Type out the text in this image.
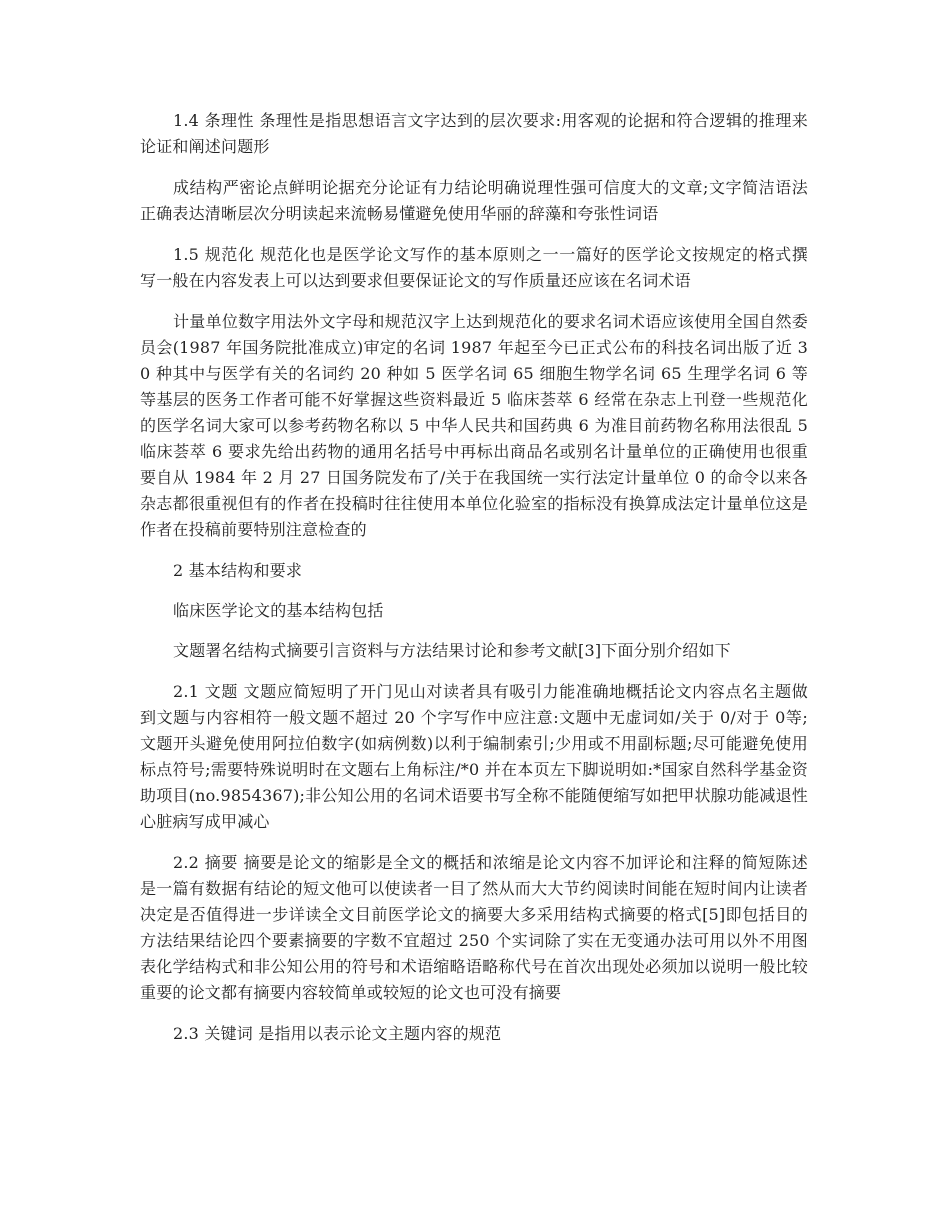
1.4 条理性 条理性是指思想语言文字达到的层次要求:用客观的论据和符合逻辑的推理来论证和阐述问题形

成结构严密论点鲜明论据充分论证有力结论明确说理性强可信度大的文章;文字简洁语法正确表达清晰层次分明读起来流畅易懂避免使用华丽的辞藻和夸张性词语

1.5 规范化 规范化也是医学论文写作的基本原则之一一篇好的医学论文按规定的格式撰写一般在内容发表上可以达到要求但要保证论文的写作质量还应该在名词术语

计量单位数字用法外文字母和规范汉字上达到规范化的要求名词术语应该使用全国自然委员会(1987 年国务院批准成立)审定的名词 1987 年起至今已正式公布的科技名词出版了近 30 种其中与医学有关的名词约 20 种如 5 医学名词 65 细胞生物学名词 65 生理学名词 6 等等基层的医务工作者可能不好掌握这些资料最近 5 临床荟萃 6 经常在杂志上刊登一些规范化的医学名词大家可以参考药物名称以 5 中华人民共和国药典 6 为准目前药物名称用法很乱 5 临床荟萃 6 要求先给出药物的通用名括号中再标出商品名或别名计量单位的正确使用也很重要自从 1984 年 2 月 27 日国务院发布了/关于在我国统一实行法定计量单位 0 的命令以来各杂志都很重视但有的作者在投稿时往往使用本单位化验室的指标没有换算成法定计量单位这是作者在投稿前要特别注意检查的

2 基本结构和要求

临床医学论文的基本结构包括

文题署名结构式摘要引言资料与方法结果讨论和参考文献[3]下面分别介绍如下

2.1 文题 文题应简短明了开门见山对读者具有吸引力能准确地概括论文内容点名主题做到文题与内容相符一般文题不超过 20 个字写作中应注意:文题中无虚词如/关于 0/对于 0等;文题开头避免使用阿拉伯数字(如病例数)以利于编制索引;少用或不用副标题;尽可能避免使用标点符号;需要特殊说明时在文题右上角标注/*0 并在本页左下脚说明如:*国家自然科学基金资助项目(no.9854367);非公知公用的名词术语要书写全称不能随便缩写如把甲状腺功能减退性心脏病写成甲减心

2.2 摘要 摘要是论文的缩影是全文的概括和浓缩是论文内容不加评论和注释的简短陈述是一篇有数据有结论的短文他可以使读者一目了然从而大大节约阅读时间能在短时间内让读者决定是否值得进一步详读全文目前医学论文的摘要大多采用结构式摘要的格式[5]即包括目的方法结果结论四个要素摘要的字数不宜超过 250 个实词除了实在无变通办法可用以外不用图表化学结构式和非公知公用的符号和术语缩略语略称代号在首次出现处必须加以说明一般比较重要的论文都有摘要内容较简单或较短的论文也可没有摘要

2.3 关键词 是指用以表示论文主题内容的规范
